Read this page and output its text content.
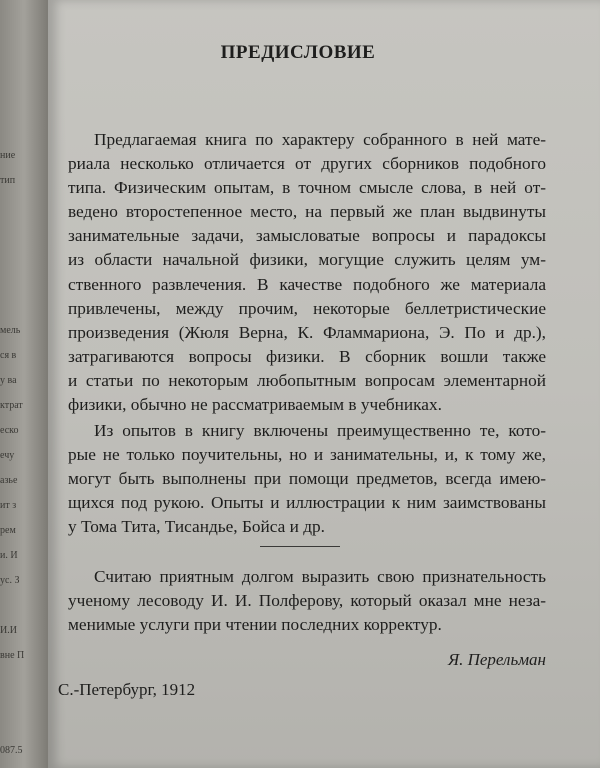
ние
тип
мель
ся в
у ва
ктрат
еско
ечу
азье
ит з
рем
и. И
ус. З
И.И
вне П
087.5
ПРЕДИСЛОВИЕ
Предлагаемая книга по характеру собранного в ней мате-
риала несколько отличается от других сборников подобного
типа. Физическим опытам, в точном смысле слова, в ней от-
ведено второстепенное место, на первый же план выдвинуты
занимательные задачи, замысловатые вопросы и парадоксы
из области начальной физики, могущие служить целям ум-
ственного развлечения. В качестве подобного же материала
привлечены, между прочим, некоторые беллетристические
произведения (Жюля Верна, К. Фламмариона, Э. По и др.),
затрагиваются вопросы физики. В сборник вошли также
и статьи по некоторым любопытным вопросам элементарной
физики, обычно не рассматриваемым в учебниках.
Из опытов в книгу включены преимущественно те, кото-
рые не только поучительны, но и занимательны, и, к тому же,
могут быть выполнены при помощи предметов, всегда имею-
щихся под рукою. Опыты и иллюстрации к ним заимствованы
у Тома Тита, Тисандье, Бойса и др.
Считаю приятным долгом выразить свою признательность
ученому лесоводу И. И. Полферову, который оказал мне неза-
менимые услуги при чтении последних корректур.
Я. Перельман
С.-Петербург, 1912
